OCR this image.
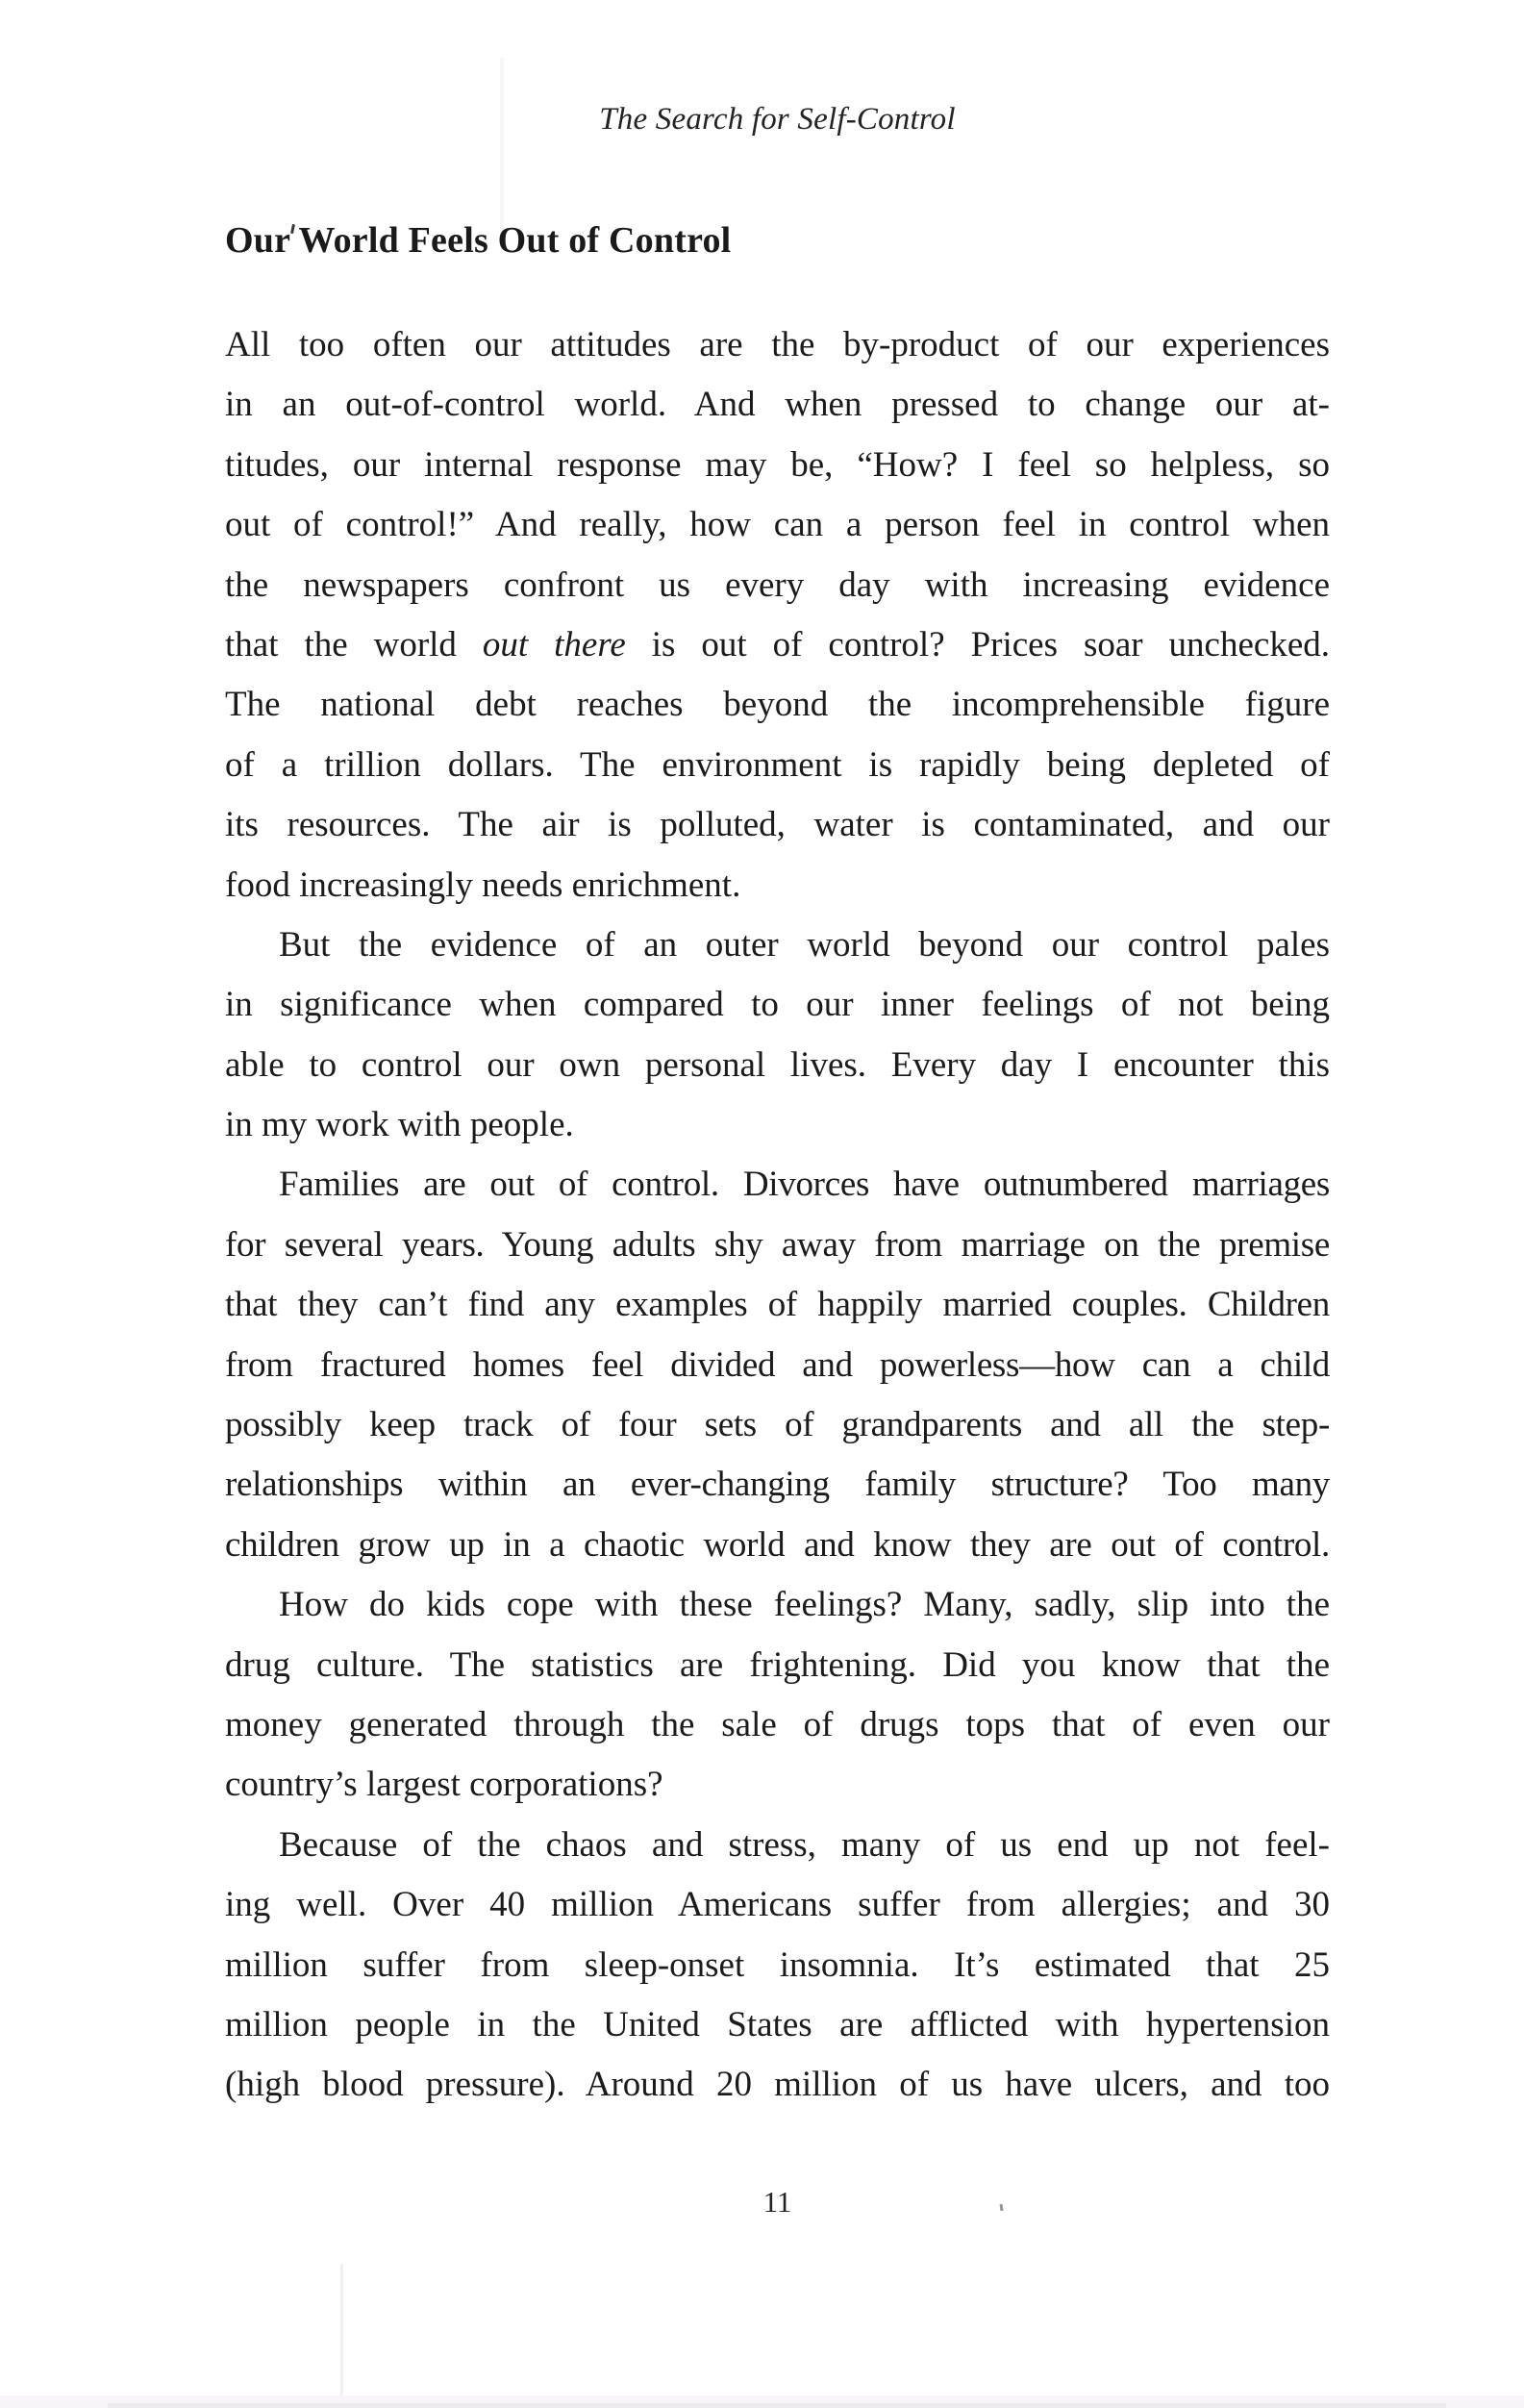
The Search for Self-Control
Our World Feels Out of Control
All too often our attitudes are the by-product of our experiences
in an out-of-control world. And when pressed to change our at-
titudes, our internal response may be, “How? I feel so helpless, so
out of control!” And really, how can a person feel in control when
the newspapers confront us every day with increasing evidence
that the world out there is out of control? Prices soar unchecked.
The national debt reaches beyond the incomprehensible figure
of a trillion dollars. The environment is rapidly being depleted of
its resources. The air is polluted, water is contaminated, and our
food increasingly needs enrichment.
But the evidence of an outer world beyond our control pales
in significance when compared to our inner feelings of not being
able to control our own personal lives. Every day I encounter this
in my work with people.
Families are out of control. Divorces have outnumbered marriages
for several years. Young adults shy away from marriage on the premise
that they can’t find any examples of happily married couples. Children
from fractured homes feel divided and powerless—how can a child
possibly keep track of four sets of grandparents and all the step-
relationships within an ever-changing family structure? Too many
children grow up in a chaotic world and know they are out of control.
How do kids cope with these feelings? Many, sadly, slip into the
drug culture. The statistics are frightening. Did you know that the
money generated through the sale of drugs tops that of even our
country’s largest corporations?
Because of the chaos and stress, many of us end up not feel-
ing well. Over 40 million Americans suffer from allergies; and 30
million suffer from sleep-onset insomnia. It’s estimated that 25
million people in the United States are afflicted with hypertension
(high blood pressure). Around 20 million of us have ulcers, and too
11
